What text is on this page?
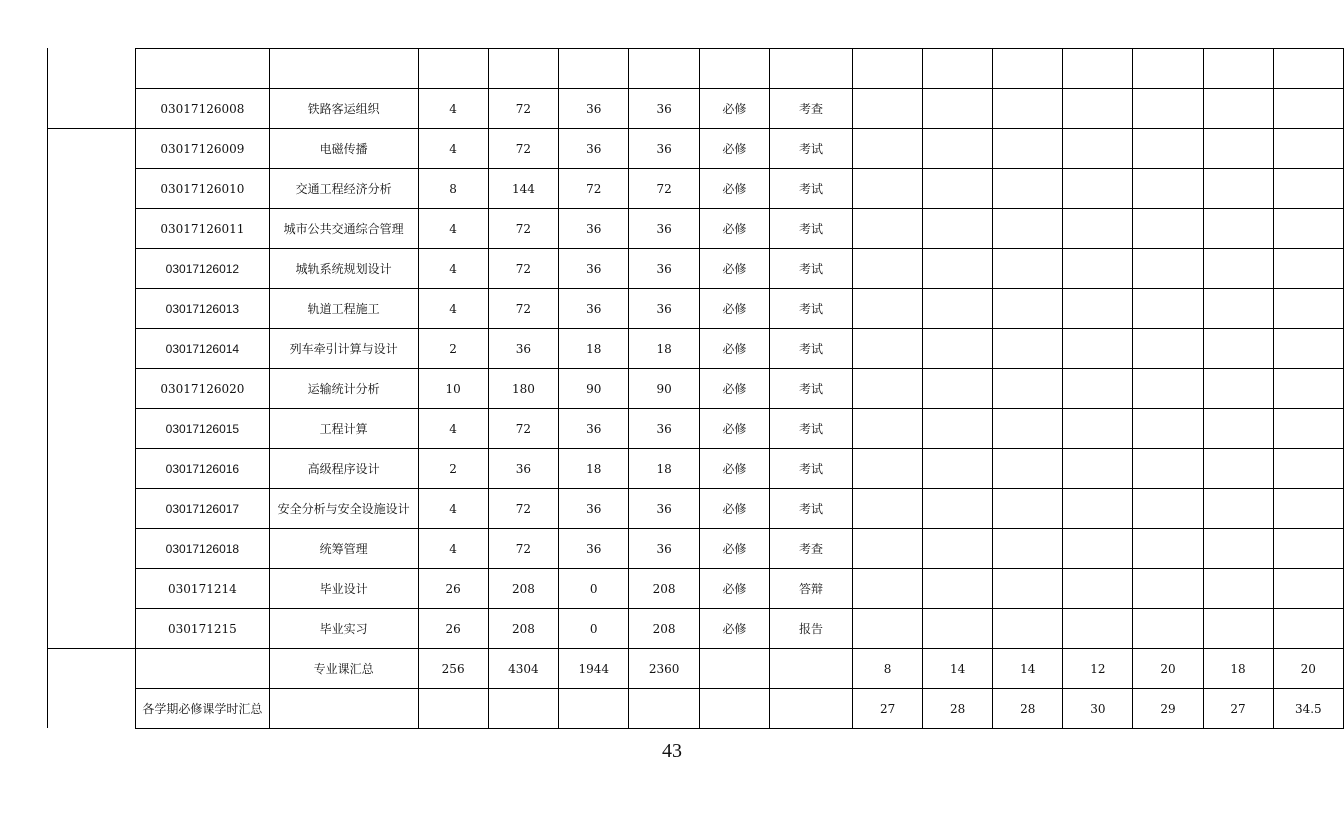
03017126008	铁路客运组织	4	72	36	36	必修	考查							
03017126009	电磁传播	4	72	36	36	必修	考试							
03017126010	交通工程经济分析	8	144	72	72	必修	考试							
03017126011	城市公共交通综合管理	4	72	36	36	必修	考试							
03017126012	城轨系统规划设计	4	72	36	36	必修	考试							
03017126013	轨道工程施工	4	72	36	36	必修	考试							
03017126014	列车牵引计算与设计	2	36	18	18	必修	考试							
03017126020	运输统计分析	10	180	90	90	必修	考试							
03017126015	工程计算	4	72	36	36	必修	考试							
03017126016	高级程序设计	2	36	18	18	必修	考试							
03017126017	安全分析与安全设施设计	4	72	36	36	必修	考试							
03017126018	统筹管理	4	72	36	36	必修	考查							
030171214	毕业设计	26	208	0	208	必修	答辩							
030171215	毕业实习	26	208	0	208	必修	报告							
	专业课汇总	256	4304	1944	2360			8	14	14	12	20	18	20
各学期必修课学时汇总								27	28	28	30	29	27	34.5
43
